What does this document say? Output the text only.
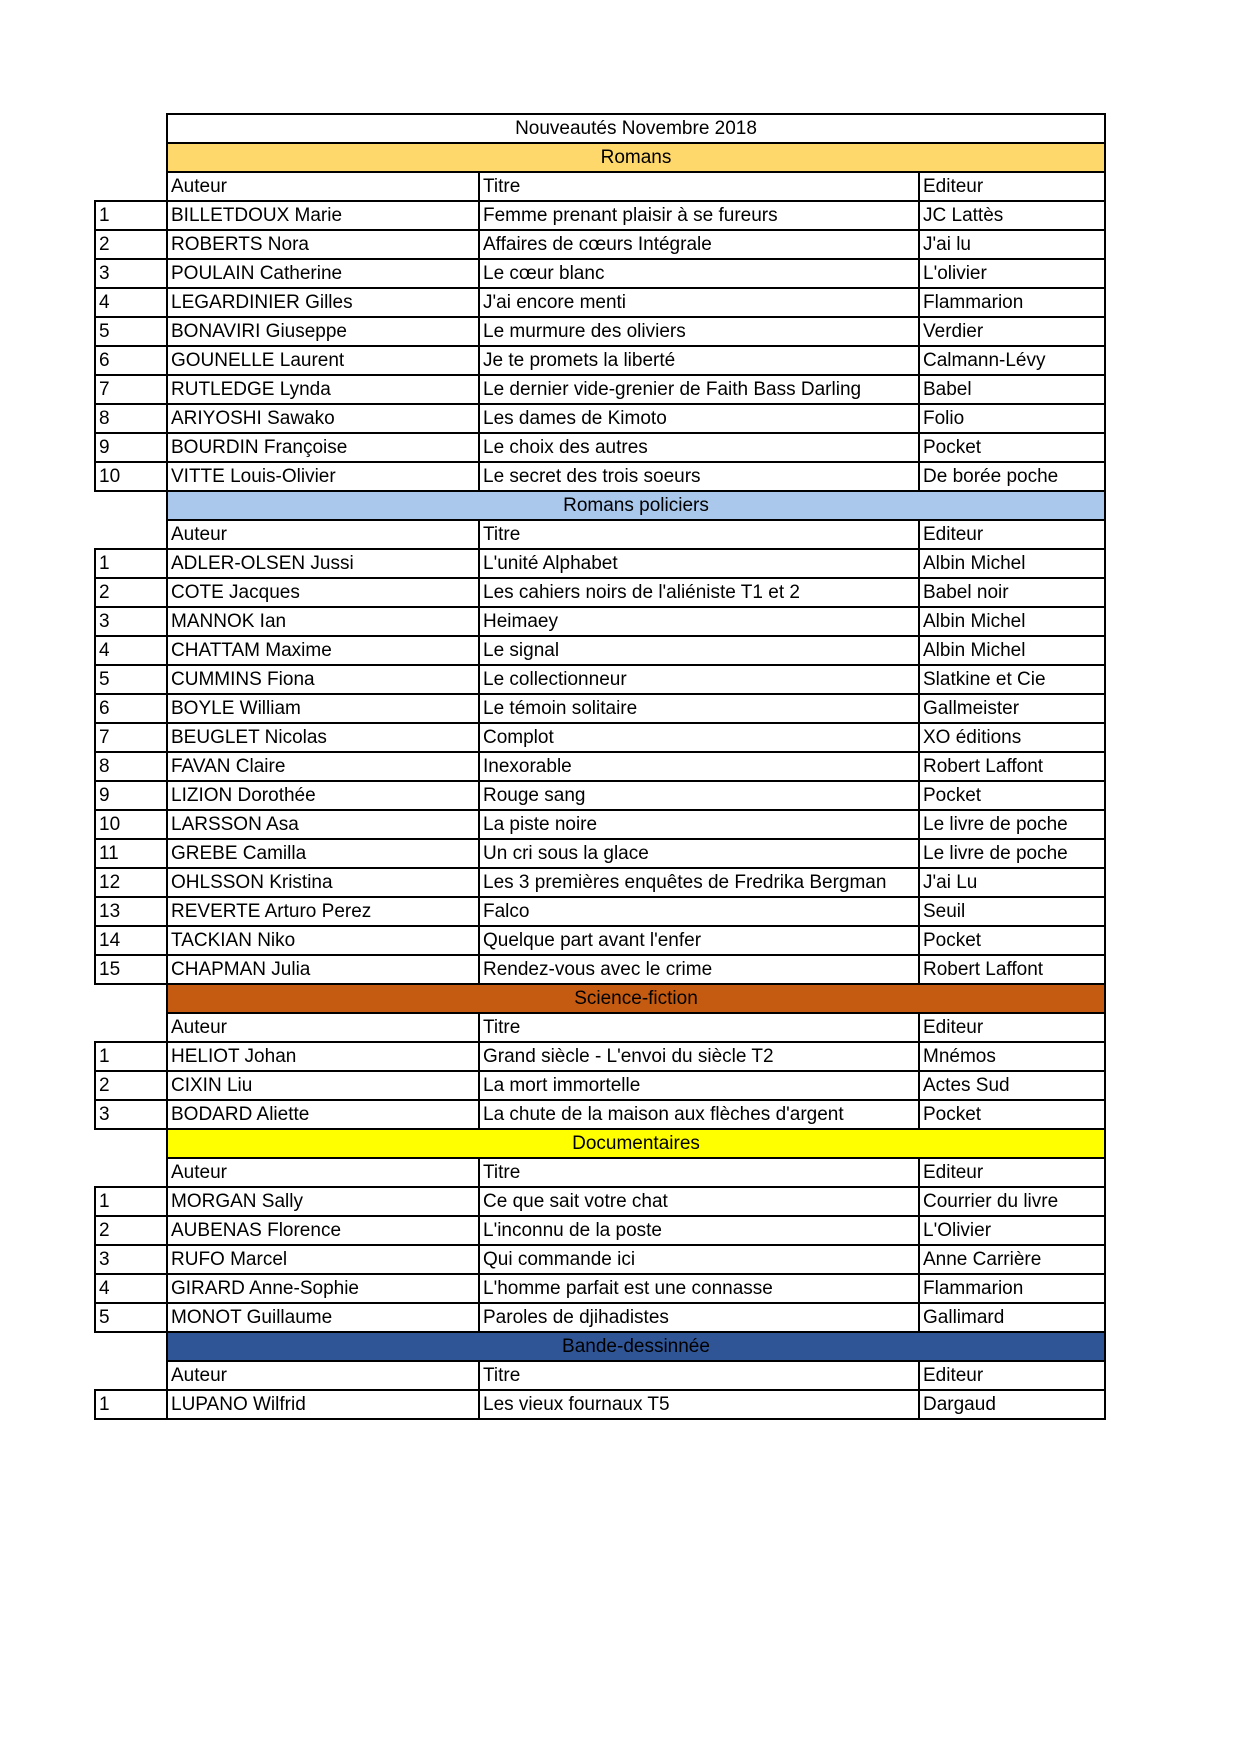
	Nouveautés Novembre 2018		
	Romans		
	Auteur	Titre	Editeur
1	BILLETDOUX Marie	Femme prenant plaisir à se fureurs	JC Lattès
2	ROBERTS Nora	Affaires de cœurs Intégrale	J'ai lu
3	POULAIN Catherine	Le cœur blanc	L'olivier
4	LEGARDINIER Gilles	J'ai encore menti	Flammarion
5	BONAVIRI Giuseppe	Le murmure des oliviers	Verdier
6	GOUNELLE Laurent	Je te promets la liberté	Calmann-Lévy
7	RUTLEDGE Lynda	Le dernier vide-grenier de Faith Bass Darling	Babel
8	ARIYOSHI Sawako	Les dames de Kimoto	Folio
9	BOURDIN Françoise	Le choix des autres	Pocket
10	VITTE Louis-Olivier	Le secret des trois soeurs	De borée poche
	Romans policiers		
	Auteur	Titre	Editeur
1	ADLER-OLSEN Jussi	L'unité Alphabet	Albin Michel
2	COTE Jacques	Les cahiers noirs de l'aliéniste T1 et 2	Babel noir
3	MANNOK Ian	Heimaey	Albin Michel
4	CHATTAM Maxime	Le signal	Albin Michel
5	CUMMINS Fiona	Le collectionneur	Slatkine et Cie
6	BOYLE William	Le témoin solitaire	Gallmeister
7	BEUGLET Nicolas	Complot	XO éditions
8	FAVAN Claire	Inexorable	Robert Laffont
9	LIZION Dorothée	Rouge sang	Pocket
10	LARSSON Asa	La piste noire	Le livre de poche
11	GREBE Camilla	Un cri sous la glace	Le livre de poche
12	OHLSSON Kristina	Les 3 premières enquêtes de Fredrika Bergman	J'ai Lu
13	REVERTE Arturo Perez	Falco	Seuil
14	TACKIAN Niko	Quelque part avant l'enfer	Pocket
15	CHAPMAN Julia	Rendez-vous avec le crime	Robert Laffont
	Science-fiction		
	Auteur	Titre	Editeur
1	HELIOT Johan	Grand siècle - L'envoi du siècle T2	Mnémos
2	CIXIN Liu	La mort immortelle	Actes Sud
3	BODARD Aliette	La chute de la maison aux flèches d'argent	Pocket
	Documentaires		
	Auteur	Titre	Editeur
1	MORGAN Sally	Ce que sait votre chat	Courrier du livre
2	AUBENAS Florence	L'inconnu de la poste	L'Olivier
3	RUFO Marcel	Qui commande ici	Anne Carrière
4	GIRARD Anne-Sophie	L'homme parfait est une connasse	Flammarion
5	MONOT Guillaume	Paroles de djihadistes	Gallimard
	Bande-dessinnée		
	Auteur	Titre	Editeur
1	LUPANO Wilfrid	Les vieux fournaux T5	Dargaud
